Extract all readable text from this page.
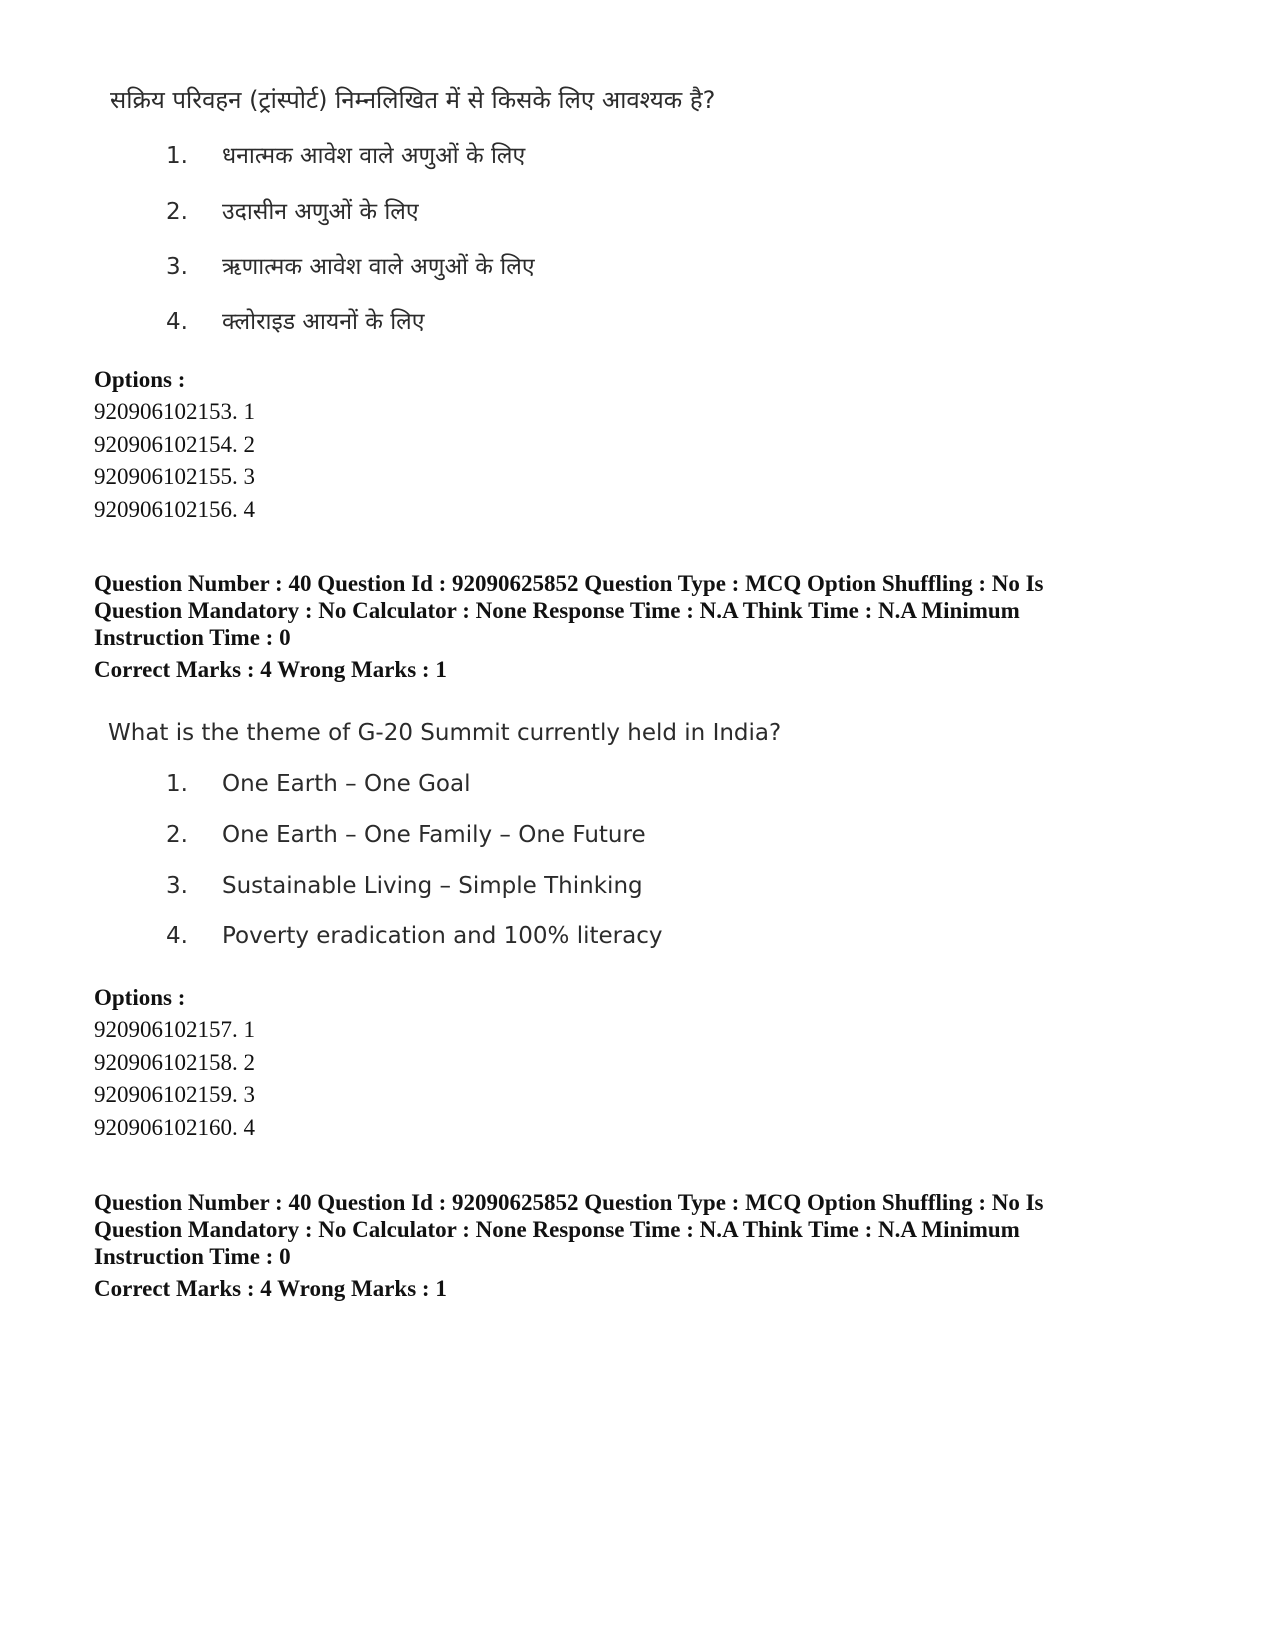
सक्रिय परिवहन (ट्रांस्पोर्ट) निम्नलिखित में से किसके लिए आवश्यक है?
1. धनात्मक आवेश वाले अणुओं के लिए
2. उदासीन अणुओं के लिए
3. ऋणात्मक आवेश वाले अणुओं के लिए
4. क्लोराइड आयनों के लिए
Options :
920906102153. 1
920906102154. 2
920906102155. 3
920906102156. 4
Question Number : 40 Question Id : 92090625852 Question Type : MCQ Option Shuffling : No Is
Question Mandatory : No Calculator : None Response Time : N.A Think Time : N.A Minimum
Instruction Time : 0
Correct Marks : 4 Wrong Marks : 1
What is the theme of G-20 Summit currently held in India?
1. One Earth – One Goal
2. One Earth – One Family – One Future
3. Sustainable Living – Simple Thinking
4. Poverty eradication and 100% literacy
Options :
920906102157. 1
920906102158. 2
920906102159. 3
920906102160. 4
Question Number : 40 Question Id : 92090625852 Question Type : MCQ Option Shuffling : No Is
Question Mandatory : No Calculator : None Response Time : N.A Think Time : N.A Minimum
Instruction Time : 0
Correct Marks : 4 Wrong Marks : 1
